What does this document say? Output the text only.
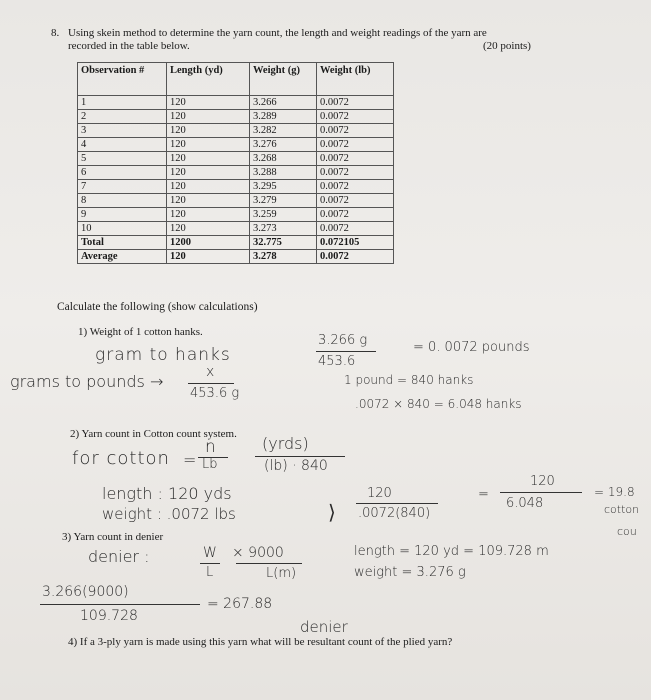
8. Using skein method to determine the yarn count, the length and weight readings of the yarn are
recorded in the table below.	(20 points)
Observation #	Length (yd)	Weight (g)	Weight (lb)
1	120	3.266	0.0072
2	120	3.289	0.0072
3	120	3.282	0.0072
4	120	3.276	0.0072
5	120	3.268	0.0072
6	120	3.288	0.0072
7	120	3.295	0.0072
8	120	3.279	0.0072
9	120	3.259	0.0072
10	120	3.273	0.0072
Total	1200	32.775	0.072105
Average	120	3.278	0.0072
Calculate the following (show calculations)
1) Weight of 1 cotton hanks.
2) Yarn count in Cotton count system.
3) Yarn count in denier
4) If a 3-ply yarn is made using this yarn what will be resultant count of the plied yarn?
gram to hanks
grams to pounds →	x
453.6 g
3.266 g
453.6
= 0. 0072 pounds
1 pound = 840 hanks
.0072 × 840 = 6.048 hanks
for cotton =
n
Lb
(yrds)
(lb) · 840
length : 120 yds
weight : .0072 lbs	⟩
120
.0072(840)
=
120
6.048
= 19.8
cotton
cou
denier :	W
L
× 9000
L(m)
length = 120 yd = 109.728 m
weight = 3.276 g
3.266(9000)
109.728
= 267.88
denier
